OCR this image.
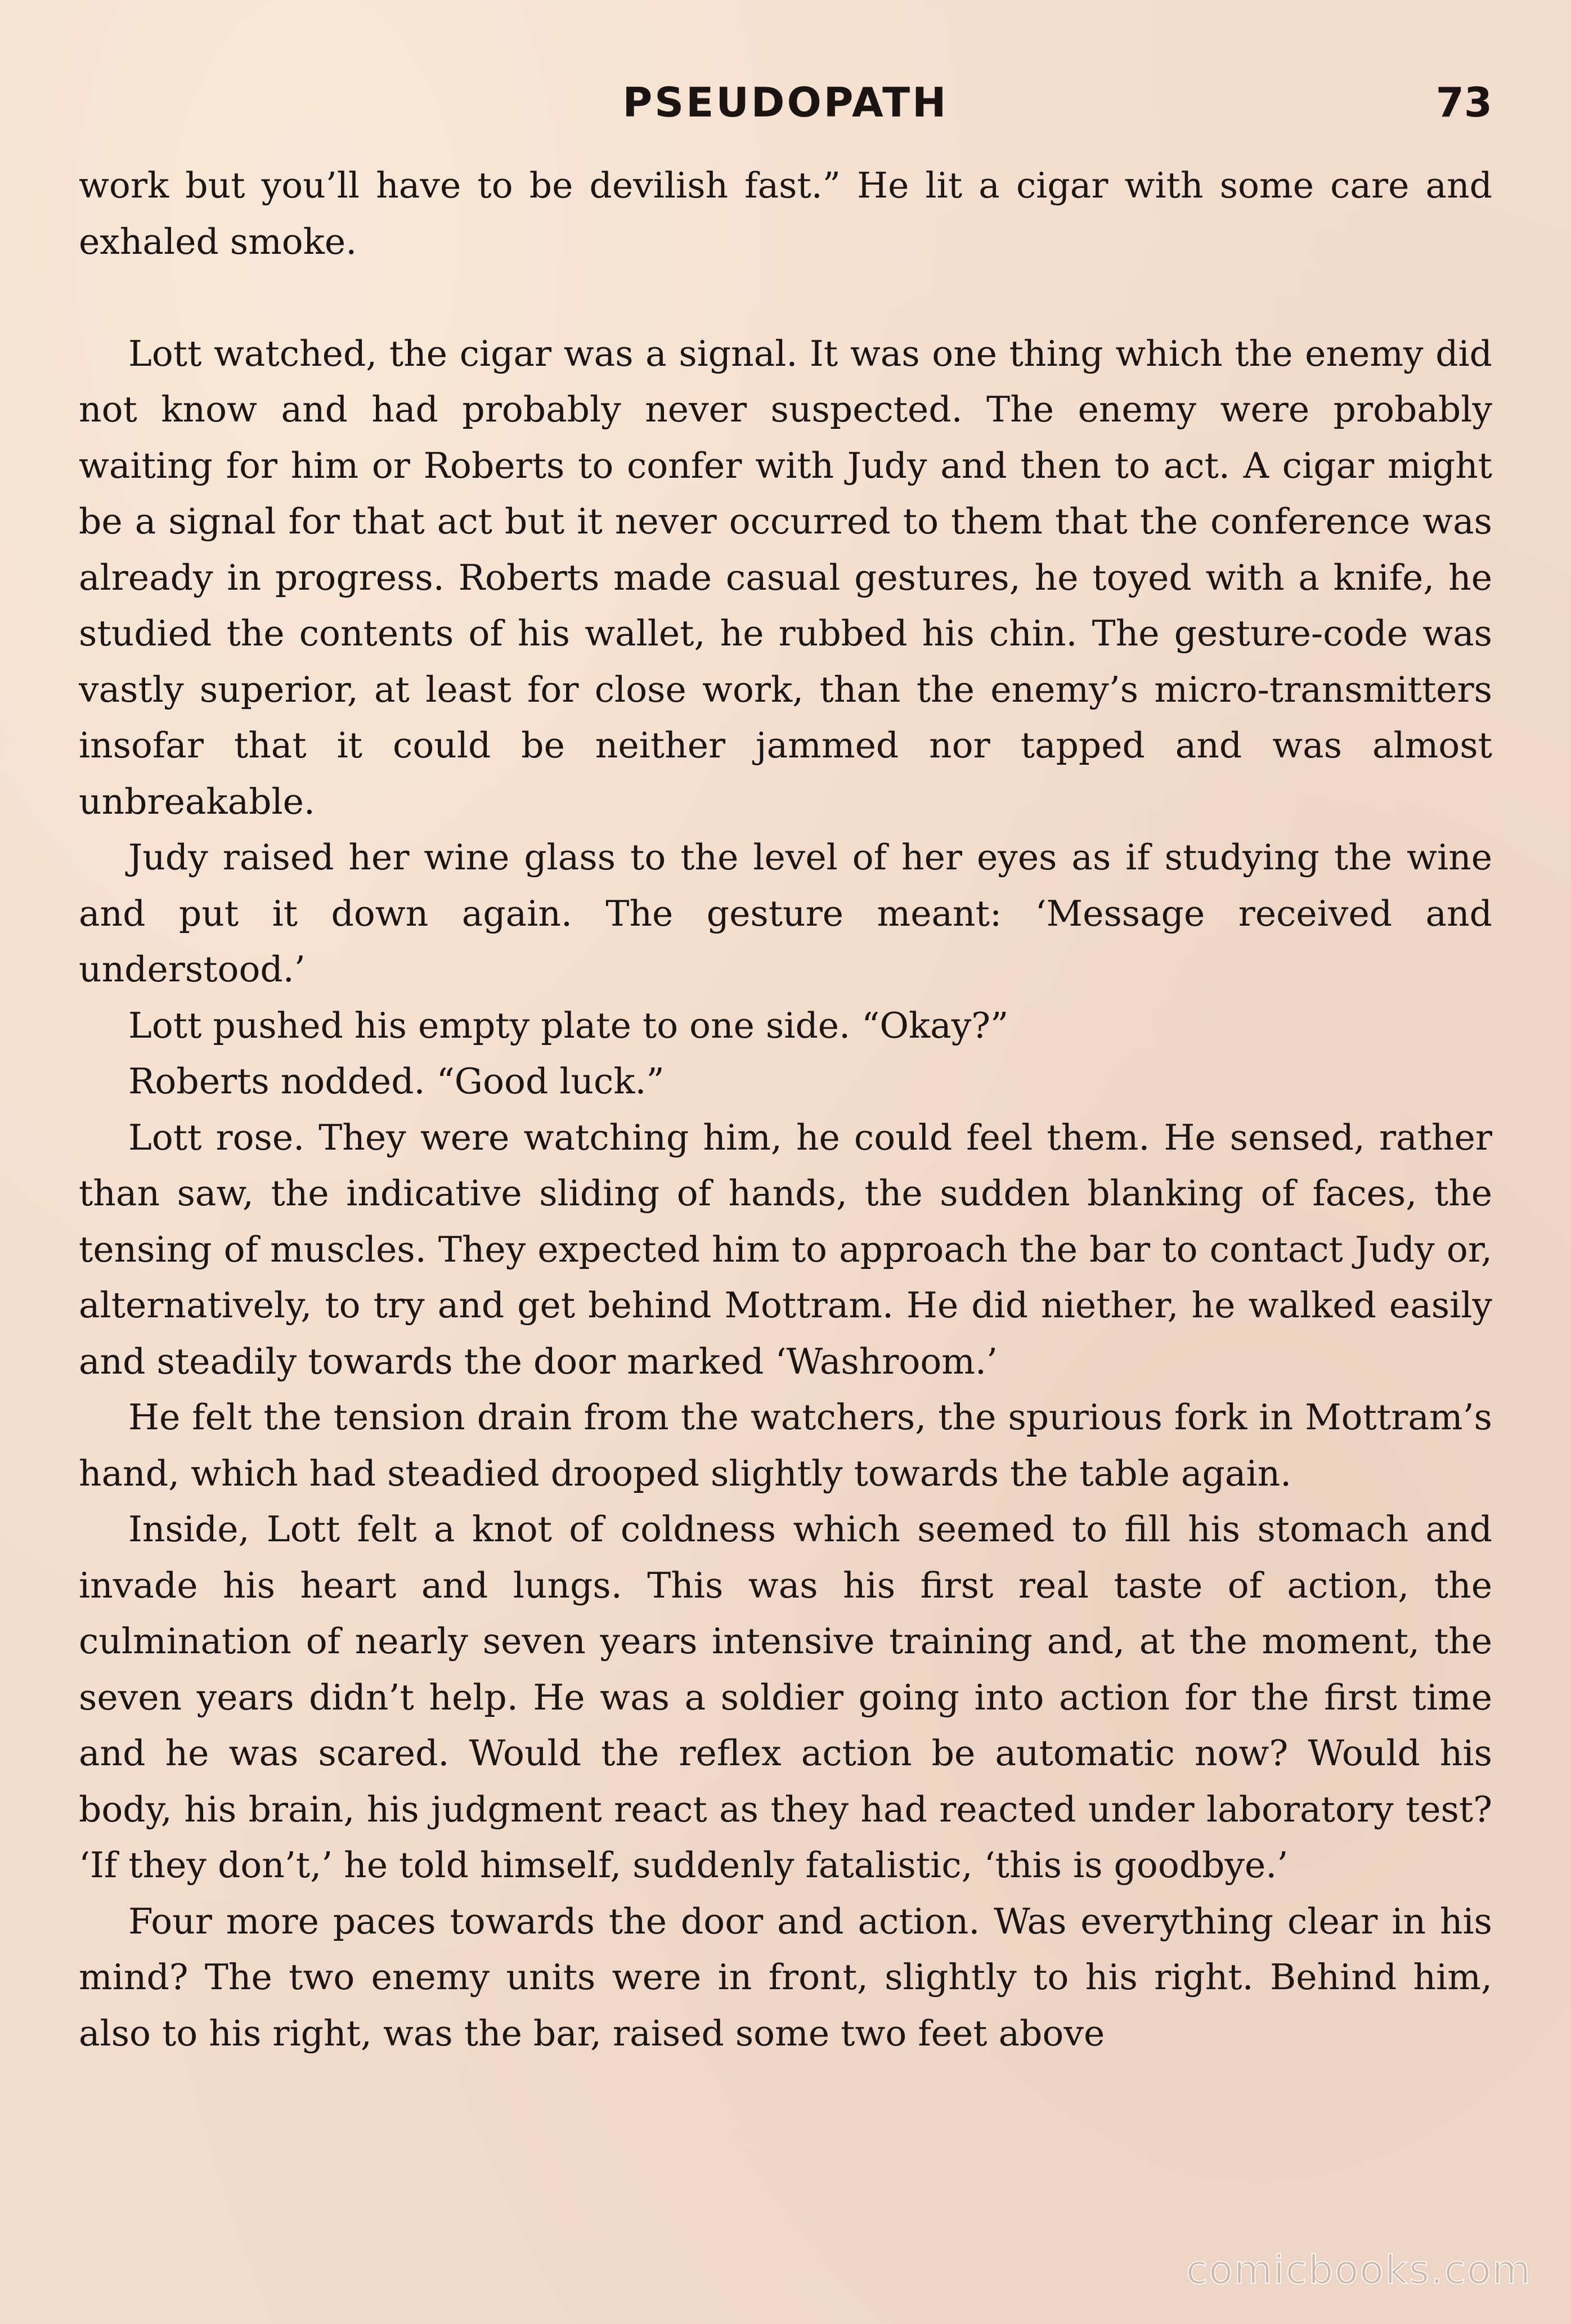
PSEUDOPATH	73

work but you’ll have to be devilish fast.” He lit a cigar with some care and exhaled smoke.

Lott watched, the cigar was a signal. It was one thing which the enemy did not know and had probably never suspected. The enemy were probably waiting for him or Roberts to confer with Judy and then to act. A cigar might be a signal for that act but it never occurred to them that the conference was already in progress. Roberts made casual gestures, he toyed with a knife, he studied the contents of his wallet, he rubbed his chin. The gesture-code was vastly superior, at least for close work, than the enemy’s micro-transmitters insofar that it could be neither jammed nor tapped and was almost unbreakable.

Judy raised her wine glass to the level of her eyes as if studying the wine and put it down again. The gesture meant: ‘Message received and understood.’

Lott pushed his empty plate to one side. “Okay?”

Roberts nodded. “Good luck.”

Lott rose. They were watching him, he could feel them. He sensed, rather than saw, the indicative sliding of hands, the sudden blanking of faces, the tensing of muscles. They expected him to approach the bar to contact Judy or, alternatively, to try and get behind Mottram. He did niether, he walked easily and steadily towards the door marked ‘Washroom.’

He felt the tension drain from the watchers, the spurious fork in Mottram’s hand, which had steadied drooped slightly towards the table again.

Inside, Lott felt a knot of coldness which seemed to fill his stomach and invade his heart and lungs. This was his first real taste of action, the culmination of nearly seven years intensive training and, at the moment, the seven years didn’t help. He was a soldier going into action for the first time and he was scared. Would the reflex action be automatic now? Would his body, his brain, his judgment react as they had reacted under laboratory test? ‘If they don’t,’ he told himself, suddenly fatalistic, ‘this is goodbye.’

Four more paces towards the door and action. Was everything clear in his mind? The two enemy units were in front, slightly to his right. Behind him, also to his right, was the bar, raised some two feet above

comicbooks.com
